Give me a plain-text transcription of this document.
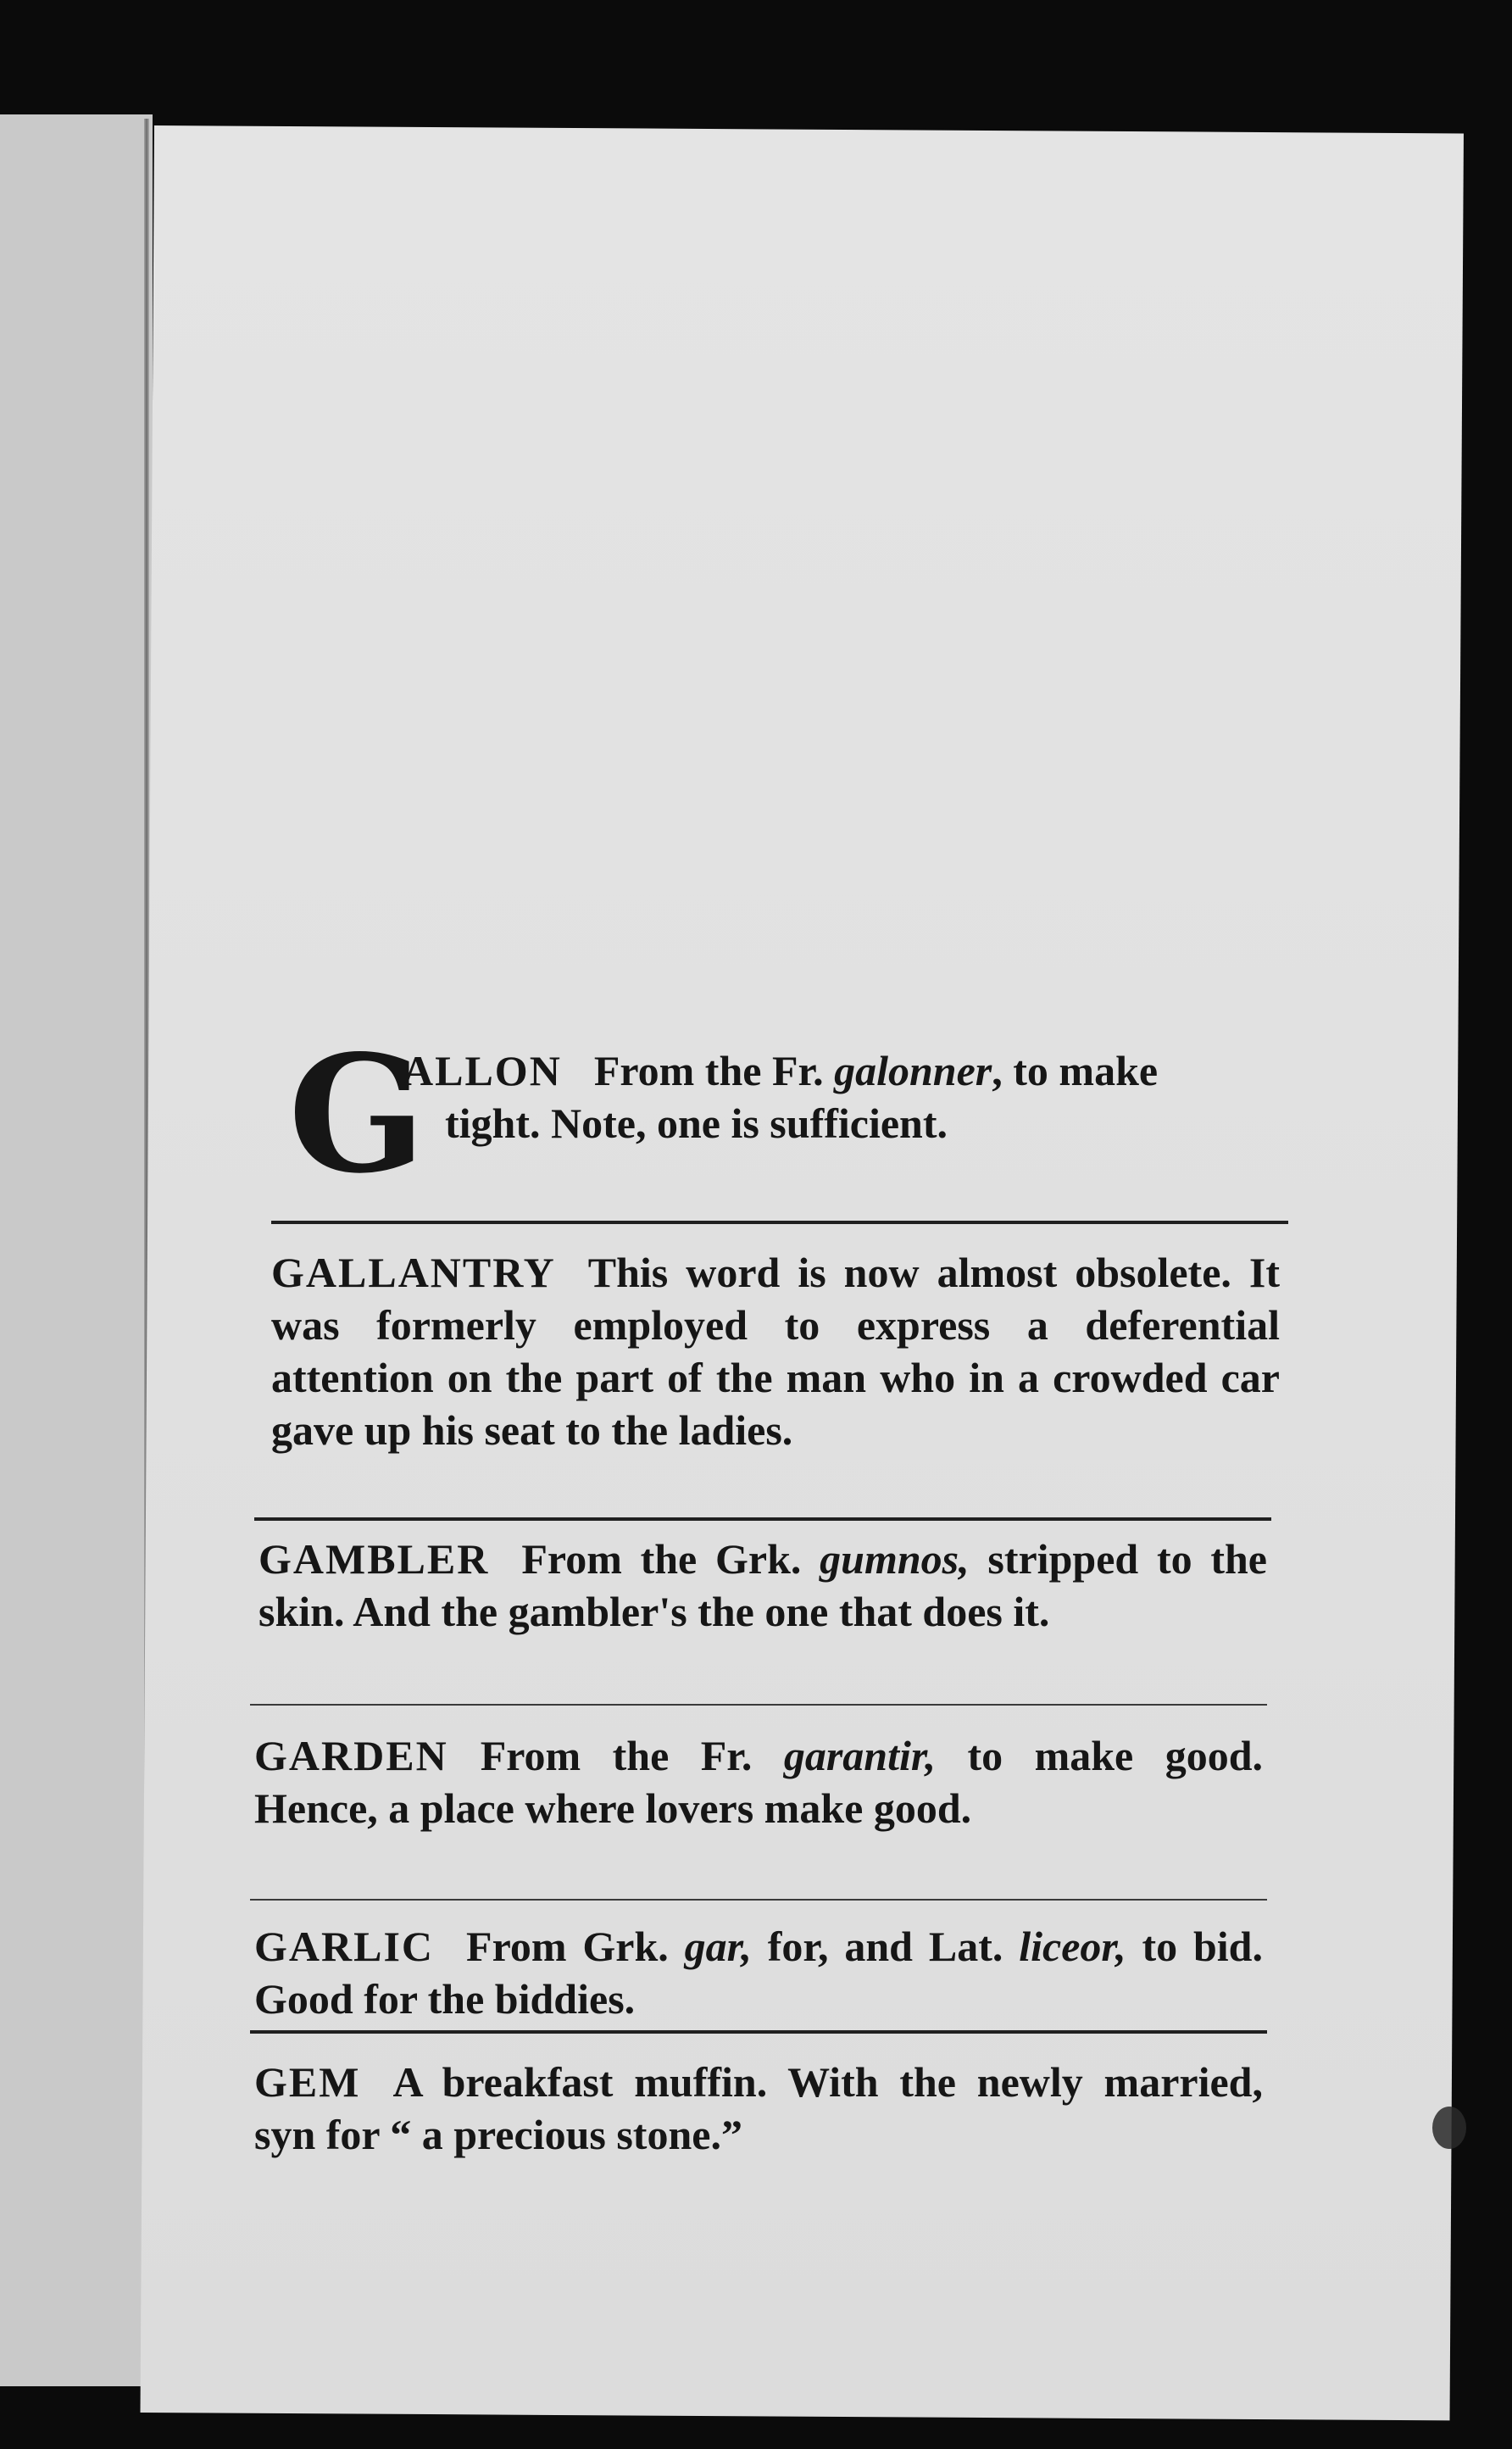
G
ALLON From the Fr. galonner, to make
tight. Note, one is sufficient.
GALLANTRY This word is now almost obsolete. It was formerly employed to express a deferential attention on the part of the man who in a crowded car gave up his seat to the ladies.
GAMBLER From the Grk. gumnos, stripped to the skin. And the gambler's the one that does it.
GARDEN From the Fr. garantir, to make good. Hence, a place where lovers make good.
GARLIC From Grk. gar, for, and Lat. liceor, to bid. Good for the biddies.
GEM A breakfast muffin. With the newly married, syn for “ a precious stone.”
